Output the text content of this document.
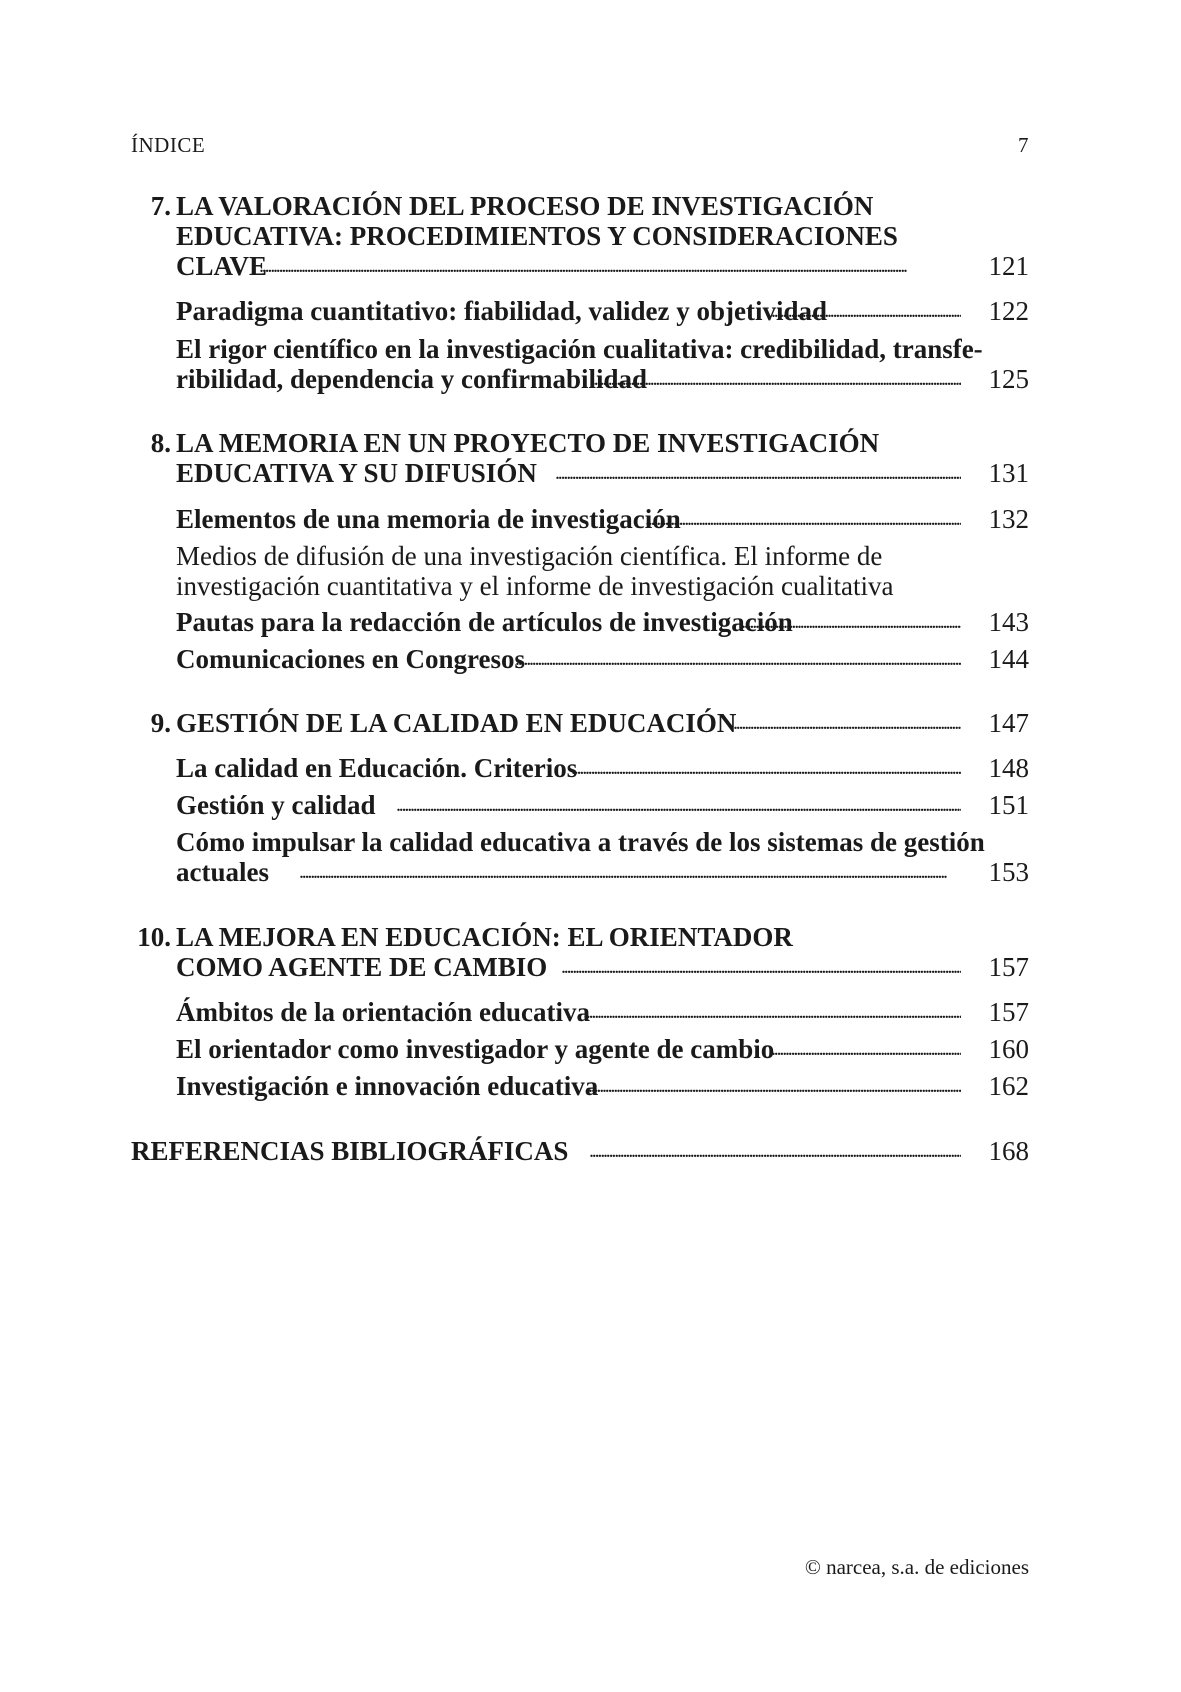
ÍNDICE	7
7. LA VALORACIÓN DEL PROCESO DE INVESTIGACIÓN
EDUCATIVA: PROCEDIMIENTOS Y CONSIDERACIONES
CLAVE . . .	121
Paradigma cuantitativo: fiabilidad, validez y objetividad . . .	122
El rigor científico en la investigación cualitativa: credibilidad, transfe-
ribilidad, dependencia y confirmabilidad . . .	125
8. LA MEMORIA EN UN PROYECTO DE INVESTIGACIÓN
EDUCATIVA Y SU DIFUSIÓN . . .	131
Elementos de una memoria de investigación . . .	132
Medios de difusión de una investigación científica. El informe de
investigación cuantitativa y el informe de investigación cualitativa
Pautas para la redacción de artículos de investigación . . .	143
Comunicaciones en Congresos . . .	144
9. GESTIÓN DE LA CALIDAD EN EDUCACIÓN . . .	147
La calidad en Educación. Criterios . . .	148
Gestión y calidad . . .	151
Cómo impulsar la calidad educativa a través de los sistemas de gestión
actuales . . .	153
10. LA MEJORA EN EDUCACIÓN: EL ORIENTADOR
COMO AGENTE DE CAMBIO . . .	157
Ámbitos de la orientación educativa . . .	157
El orientador como investigador y agente de cambio . . .	160
Investigación e innovación educativa . . .	162
REFERENCIAS BIBLIOGRÁFICAS . . .	168
© narcea, s.a. de ediciones
